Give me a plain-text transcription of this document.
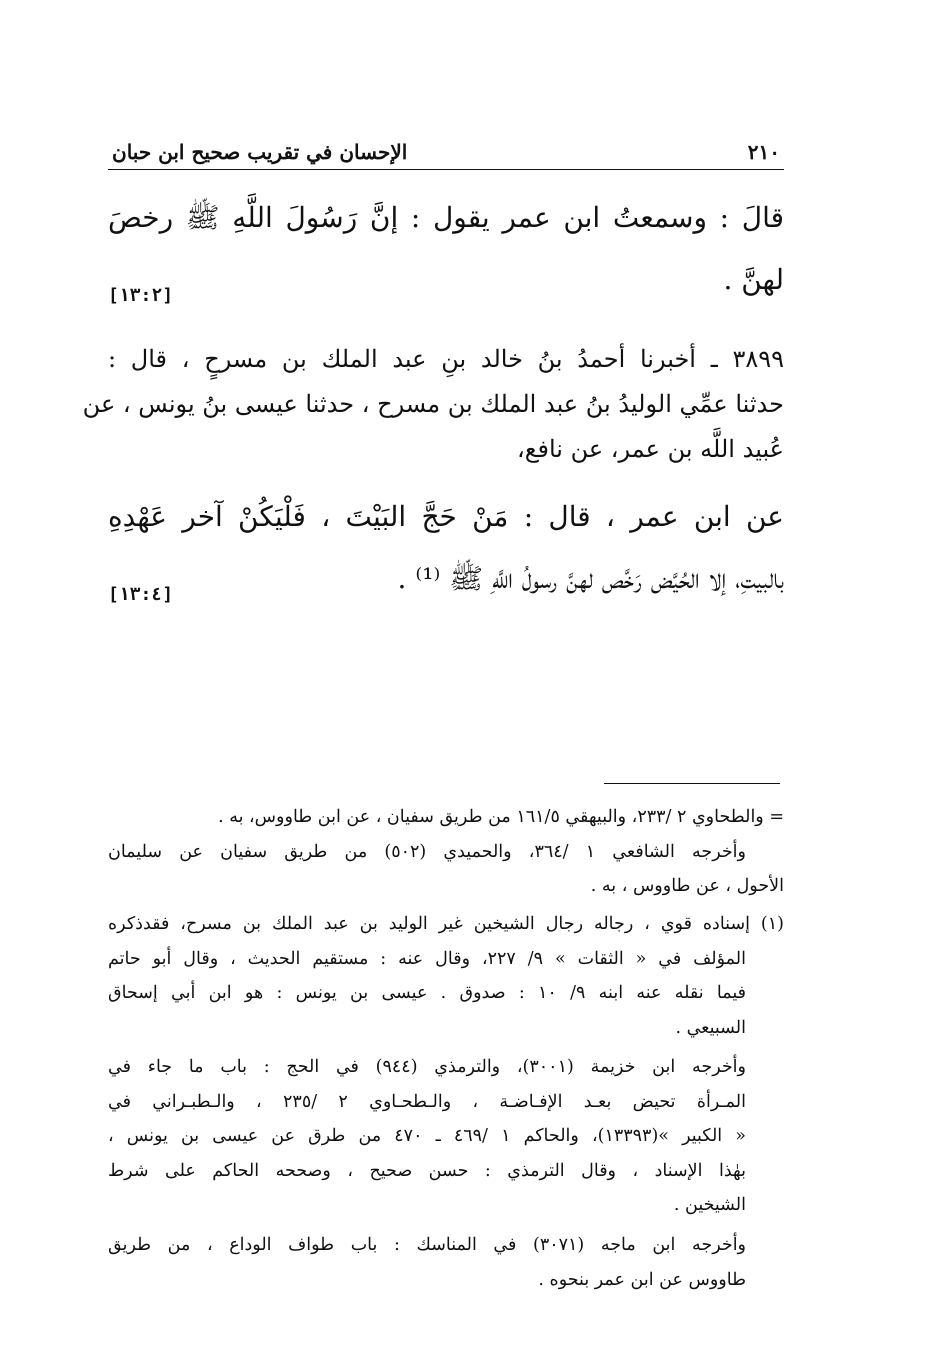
٢١٠
الإحسان في تقريب صحيح ابن حبان
قالَ : وسمعتُ ابن عمر يقول : إنَّ رَسُولَ اللَّهِ ﷺ رخصَ
لهنَّ .
[١٣:٢]
٣٨٩٩ ـ أخبرنا أحمدُ بنُ خالد بنِ عبد الملك بن مسرحٍ ، قال :
حدثنا عمِّي الوليدُ بنُ عبد الملك بن مسرح ، حدثنا عيسى بنُ يونس ، عن
عُبيد اللَّه بن عمر، عن نافع،
عن ابن عمر ، قال : مَنْ حَجَّ البَيْتَ ، فَلْيَكُنْ آخر عَهْدِهِ
بالبيتِ، إلا الحُيَّض رَخَّص لهنَّ رسولُ اللَّهِ ﷺ ⁽¹⁾ .
[١٣:٤]
= والطحاوي ٢ /٢٣٣، والبيهقي ١٦١/٥ من طريق سفيان ، عن ابن طاووس، به .
وأخرجه الشافعي ١ /٣٦٤، والحميدي (٥٠٢) من طريق سفيان عن سليمان
الأحول ، عن طاووس ، به .
(١) إسناده قوي ، رجاله رجال الشيخين غير الوليد بن عبد الملك بن مسرح، فقدذكره
المؤلف في « الثقات » ٩/ ٢٢٧، وقال عنه : مستقيم الحديث ، وقال أبو حاتم
فيما نقله عنه ابنه ٩/ ١٠ : صدوق . عيسى بن يونس : هو ابن أبي إسحاق
السبيعي .
وأخرجه ابن خزيمة (٣٠٠١)، والترمذي (٩٤٤) في الحج : باب ما جاء في
المـرأة تحيض بعـد الإفـاضـة ، والـطحـاوي ٢ /٢٣٥ ، والـطبـراني في
« الكبير »(١٣٣٩٣)، والحاكم ١ /٤٦٩ ـ ٤٧٠ من طرق عن عيسى بن يونس ،
بهٰذا الإسناد ، وقال الترمذي : حسن صحيح ، وصححه الحاكم على شرط
الشيخين .
وأخرجه ابن ماجه (٣٠٧١) في المناسك : باب طواف الوداع ، من طريق
طاووس عن ابن عمر بنحوه .
